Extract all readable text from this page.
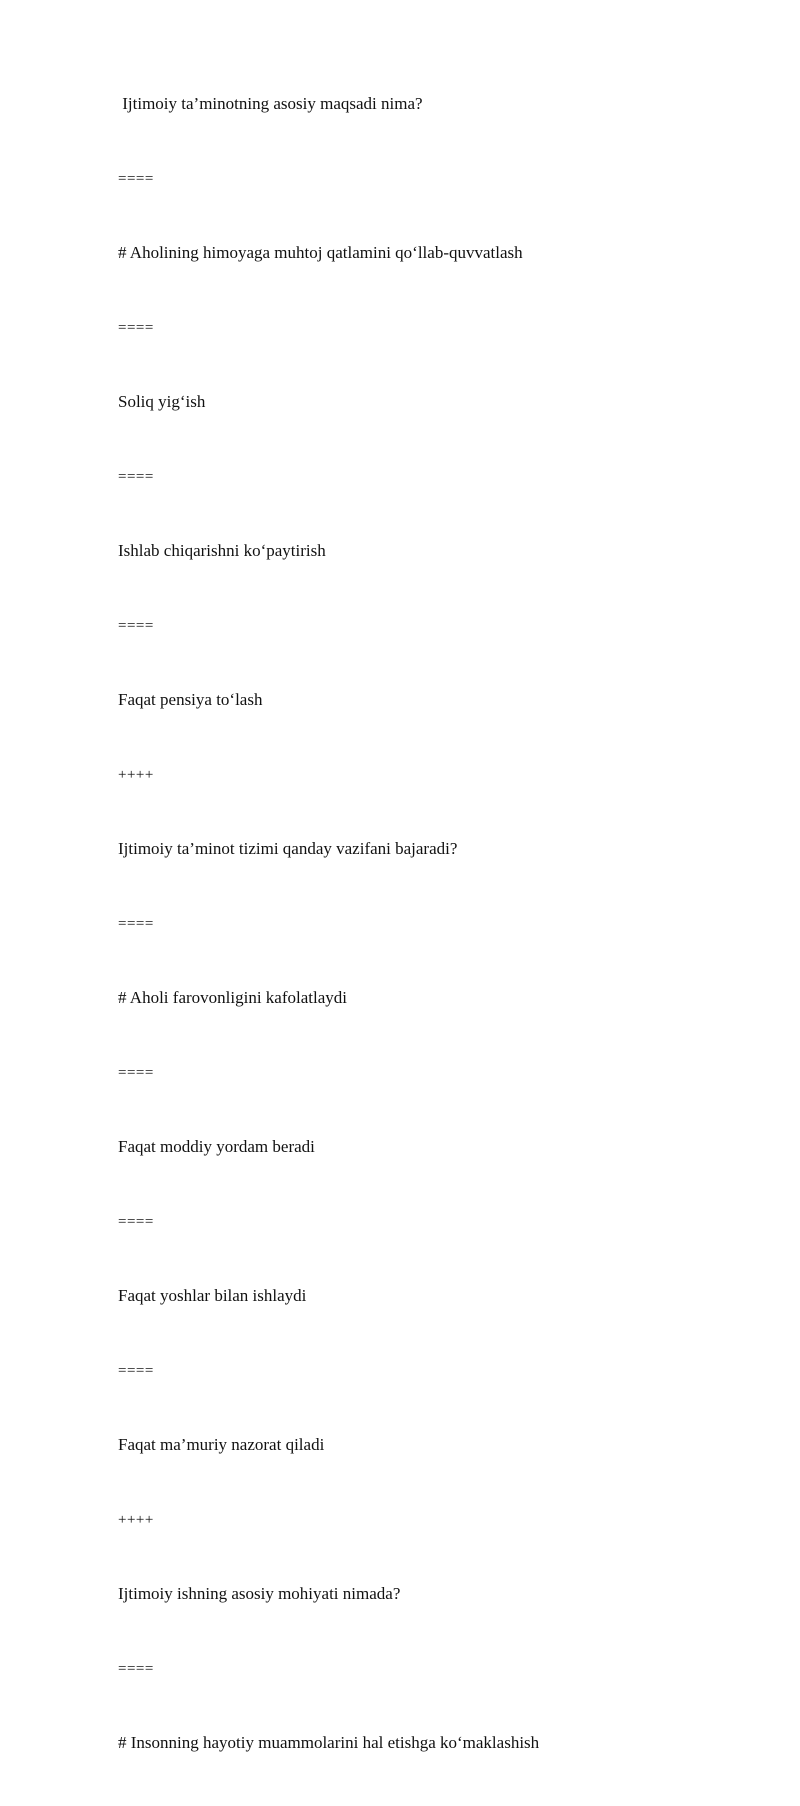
Ijtimoiy ta’minotning asosiy maqsadi nima?
====
# Aholining himoyaga muhtoj qatlamini qo‘llab-quvvatlash
====
Soliq yig‘ish
====
Ishlab chiqarishni ko‘paytirish
====
Faqat pensiya to‘lash
++++
Ijtimoiy ta’minot tizimi qanday vazifani bajaradi?
====
# Aholi farovonligini kafolatlaydi
====
Faqat moddiy yordam beradi
====
Faqat yoshlar bilan ishlaydi
====
Faqat ma’muriy nazorat qiladi
++++
Ijtimoiy ishning asosiy mohiyati nimada?
====
# Insonning hayotiy muammolarini hal etishga ko‘maklashish
